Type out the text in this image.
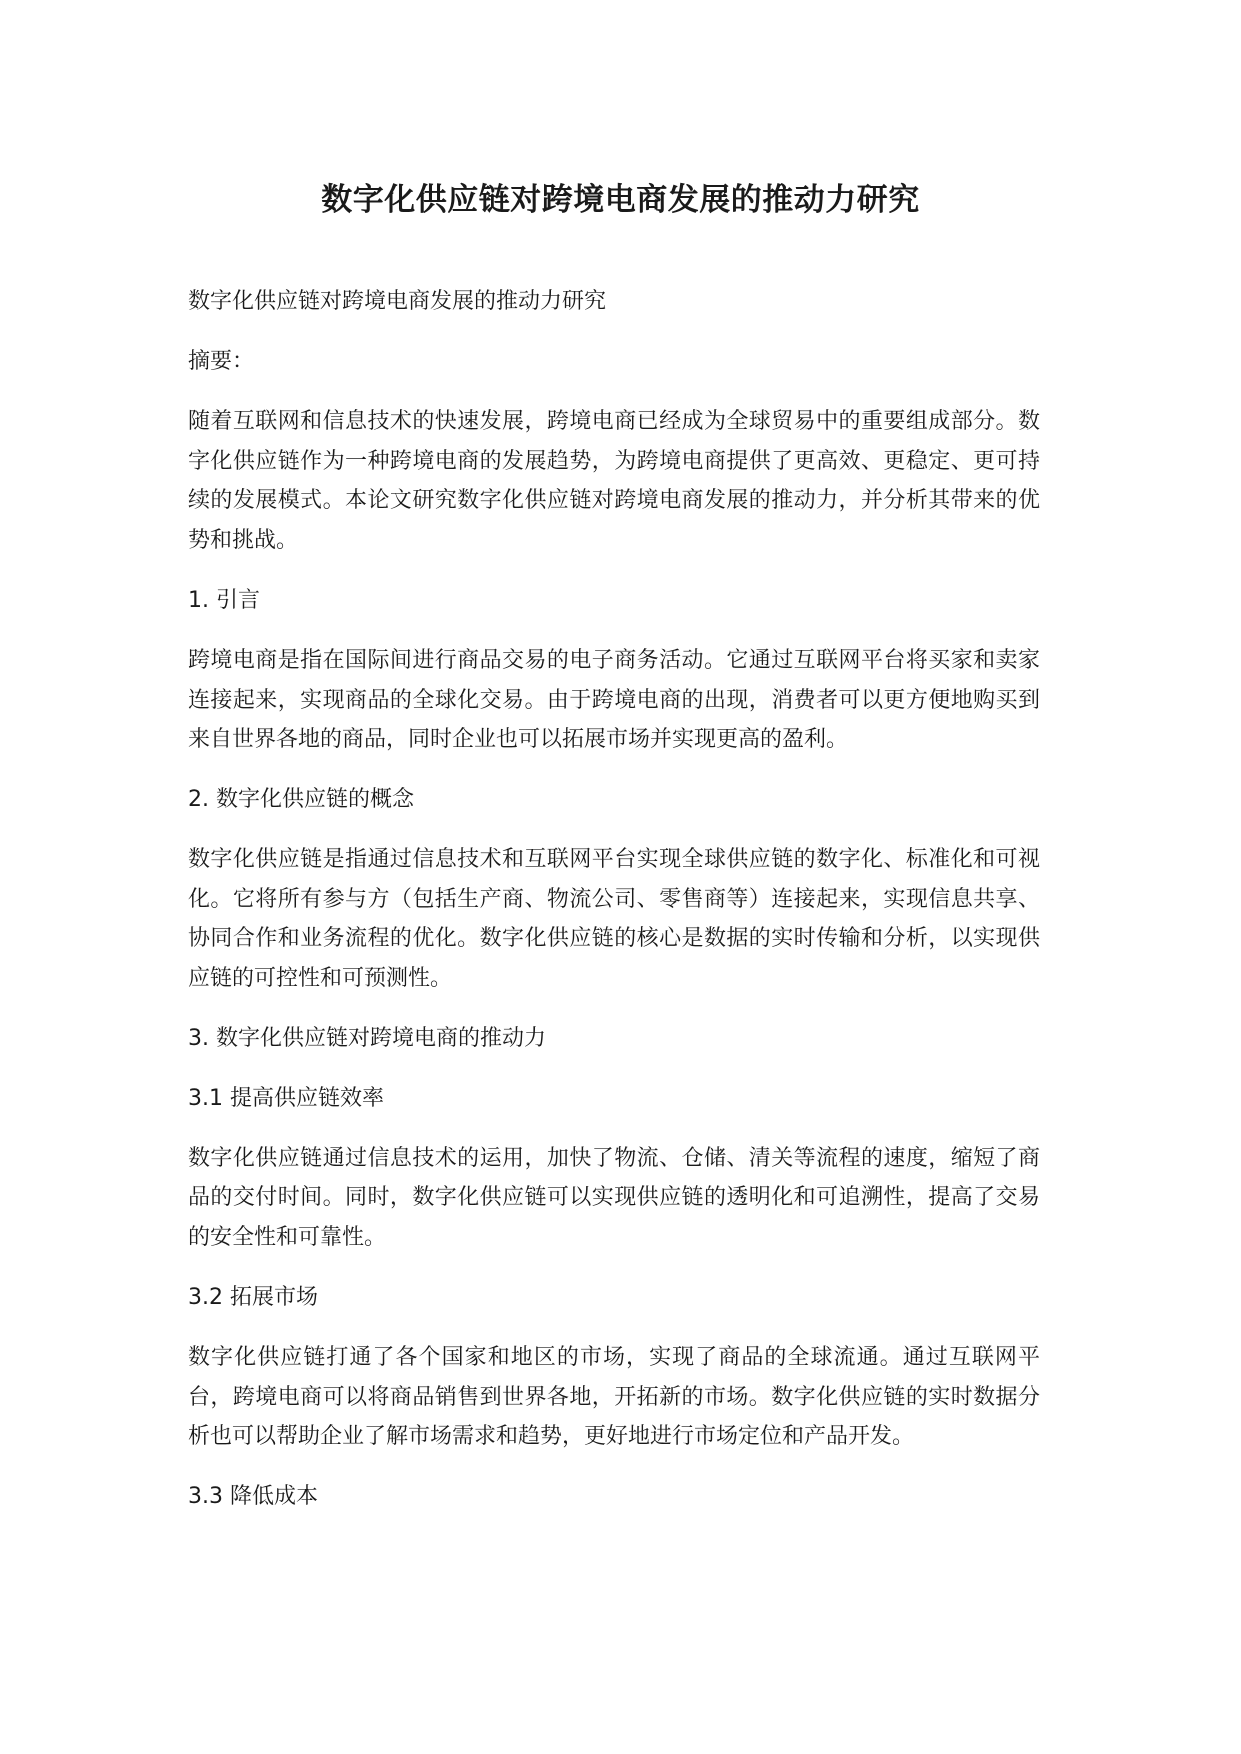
数字化供应链对跨境电商发展的推动力研究

数字化供应链对跨境电商发展的推动力研究

摘要：

随着互联网和信息技术的快速发展，跨境电商已经成为全球贸易中的重要组成部分。数字化供应链作为一种跨境电商的发展趋势，为跨境电商提供了更高效、更稳定、更可持续的发展模式。本论文研究数字化供应链对跨境电商发展的推动力，并分析其带来的优势和挑战。

1. 引言

跨境电商是指在国际间进行商品交易的电子商务活动。它通过互联网平台将买家和卖家连接起来，实现商品的全球化交易。由于跨境电商的出现，消费者可以更方便地购买到来自世界各地的商品，同时企业也可以拓展市场并实现更高的盈利。

2. 数字化供应链的概念

数字化供应链是指通过信息技术和互联网平台实现全球供应链的数字化、标准化和可视化。它将所有参与方（包括生产商、物流公司、零售商等）连接起来，实现信息共享、协同合作和业务流程的优化。数字化供应链的核心是数据的实时传输和分析，以实现供应链的可控性和可预测性。

3. 数字化供应链对跨境电商的推动力

3.1 提高供应链效率

数字化供应链通过信息技术的运用，加快了物流、仓储、清关等流程的速度，缩短了商品的交付时间。同时，数字化供应链可以实现供应链的透明化和可追溯性，提高了交易的安全性和可靠性。

3.2 拓展市场

数字化供应链打通了各个国家和地区的市场，实现了商品的全球流通。通过互联网平台，跨境电商可以将商品销售到世界各地，开拓新的市场。数字化供应链的实时数据分析也可以帮助企业了解市场需求和趋势，更好地进行市场定位和产品开发。

3.3 降低成本
